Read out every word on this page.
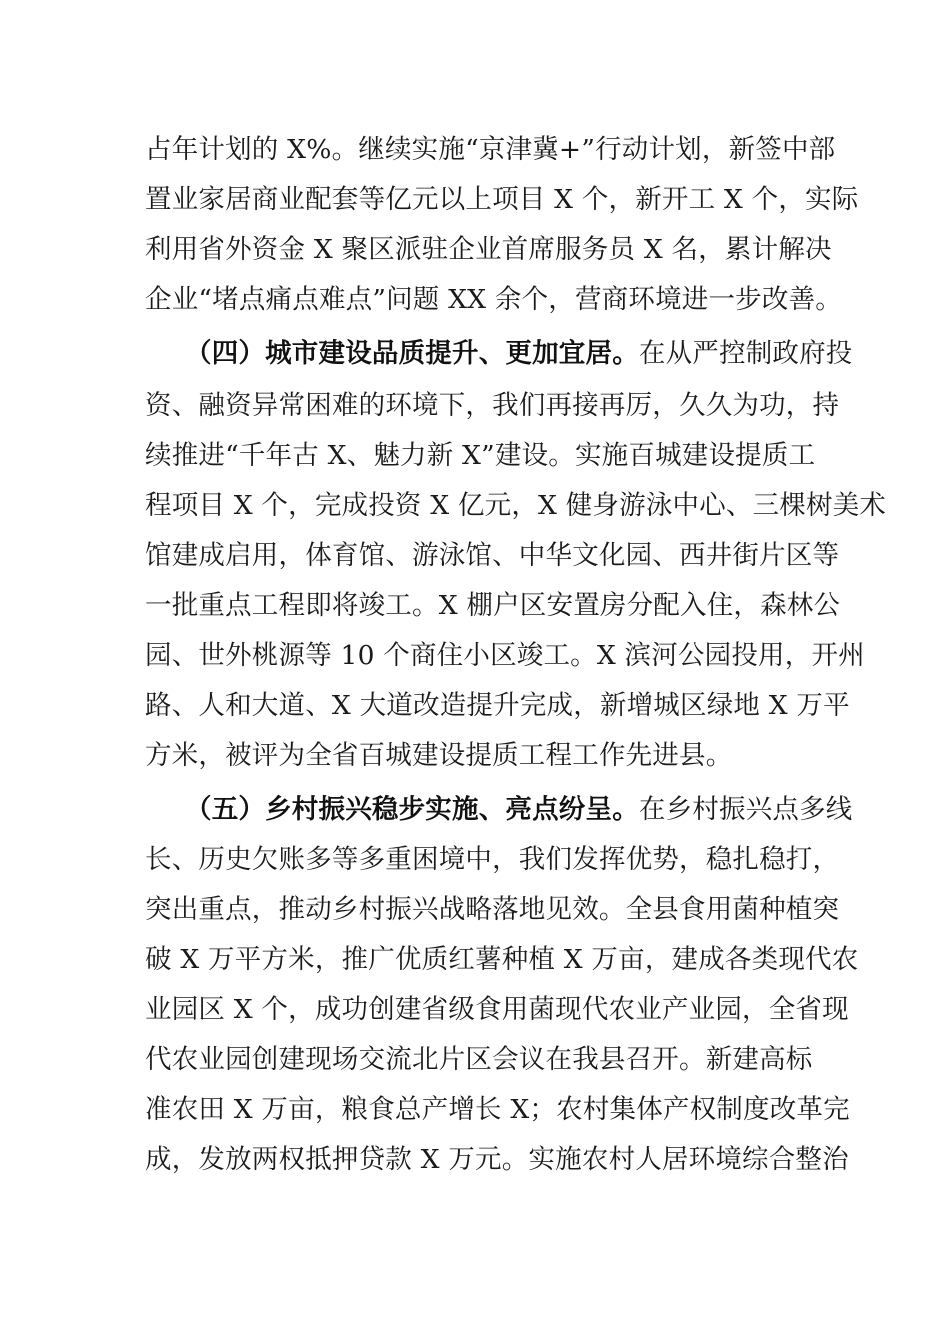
占年计划的 X%。继续实施“京津冀+”行动计划，新签中部
置业家居商业配套等亿元以上项目 X 个，新开工 X 个，实际
利用省外资金 X 聚区派驻企业首席服务员 X 名，累计解决
企业“堵点痛点难点”问题 XX 余个，营商环境进一步改善。
（四）城市建设品质提升、更加宜居。在从严控制政府投
资、融资异常困难的环境下，我们再接再厉，久久为功，持
续推进“千年古 X、魅力新 X”建设。实施百城建设提质工
程项目 X 个，完成投资 X 亿元，X 健身游泳中心、三棵树美术
馆建成启用，体育馆、游泳馆、中华文化园、西井街片区等
一批重点工程即将竣工。X 棚户区安置房分配入住，森林公
园、世外桃源等 10 个商住小区竣工。X 滨河公园投用，开州
路、人和大道、X 大道改造提升完成，新增城区绿地 X 万平
方米，被评为全省百城建设提质工程工作先进县。
（五）乡村振兴稳步实施、亮点纷呈。在乡村振兴点多线
长、历史欠账多等多重困境中，我们发挥优势，稳扎稳打，
突出重点，推动乡村振兴战略落地见效。全县食用菌种植突
破 X 万平方米，推广优质红薯种植 X 万亩，建成各类现代农
业园区 X 个，成功创建省级食用菌现代农业产业园，全省现
代农业园创建现场交流北片区会议在我县召开。新建高标
准农田 X 万亩，粮食总产增长 X；农村集体产权制度改革完
成，发放两权抵押贷款 X 万元。实施农村人居环境综合整治
